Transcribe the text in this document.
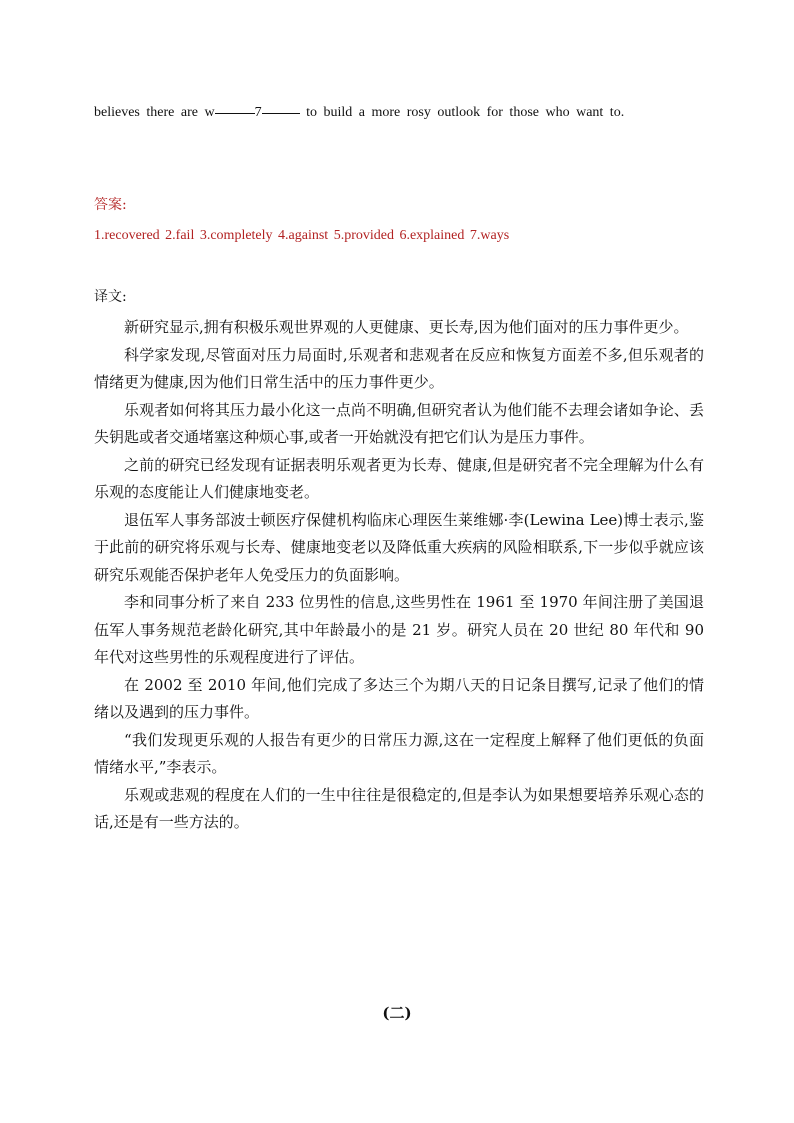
believes there are w	7	to build a more rosy outlook for those who want to.
答案:
1.recovered 2.fail 3.completely 4.against 5.provided 6.explained 7.ways
译文:

新研究显示,拥有积极乐观世界观的人更健康、更长寿,因为他们面对的压力事件更少。

科学家发现,尽管面对压力局面时,乐观者和悲观者在反应和恢复方面差不多,但乐观者的情绪更为健康,因为他们日常生活中的压力事件更少。

乐观者如何将其压力最小化这一点尚不明确,但研究者认为他们能不去理会诸如争论、丢失钥匙或者交通堵塞这种烦心事,或者一开始就没有把它们认为是压力事件。

之前的研究已经发现有证据表明乐观者更为长寿、健康,但是研究者不完全理解为什么有乐观的态度能让人们健康地变老。

退伍军人事务部波士顿医疗保健机构临床心理医生莱维娜·李(Lewina Lee)博士表示,鉴于此前的研究将乐观与长寿、健康地变老以及降低重大疾病的风险相联系,下一步似乎就应该研究乐观能否保护老年人免受压力的负面影响。

李和同事分析了来自 233 位男性的信息,这些男性在 1961 至 1970 年间注册了美国退伍军人事务规范老龄化研究,其中年龄最小的是 21 岁。研究人员在 20 世纪 80 年代和 90 年代对这些男性的乐观程度进行了评估。

在 2002 至 2010 年间,他们完成了多达三个为期八天的日记条目撰写,记录了他们的情绪以及遇到的压力事件。

“我们发现更乐观的人报告有更少的日常压力源,这在一定程度上解释了他们更低的负面情绪水平,”李表示。

乐观或悲观的程度在人们的一生中往往是很稳定的,但是李认为如果想要培养乐观心态的话,还是有一些方法的。

(二)
